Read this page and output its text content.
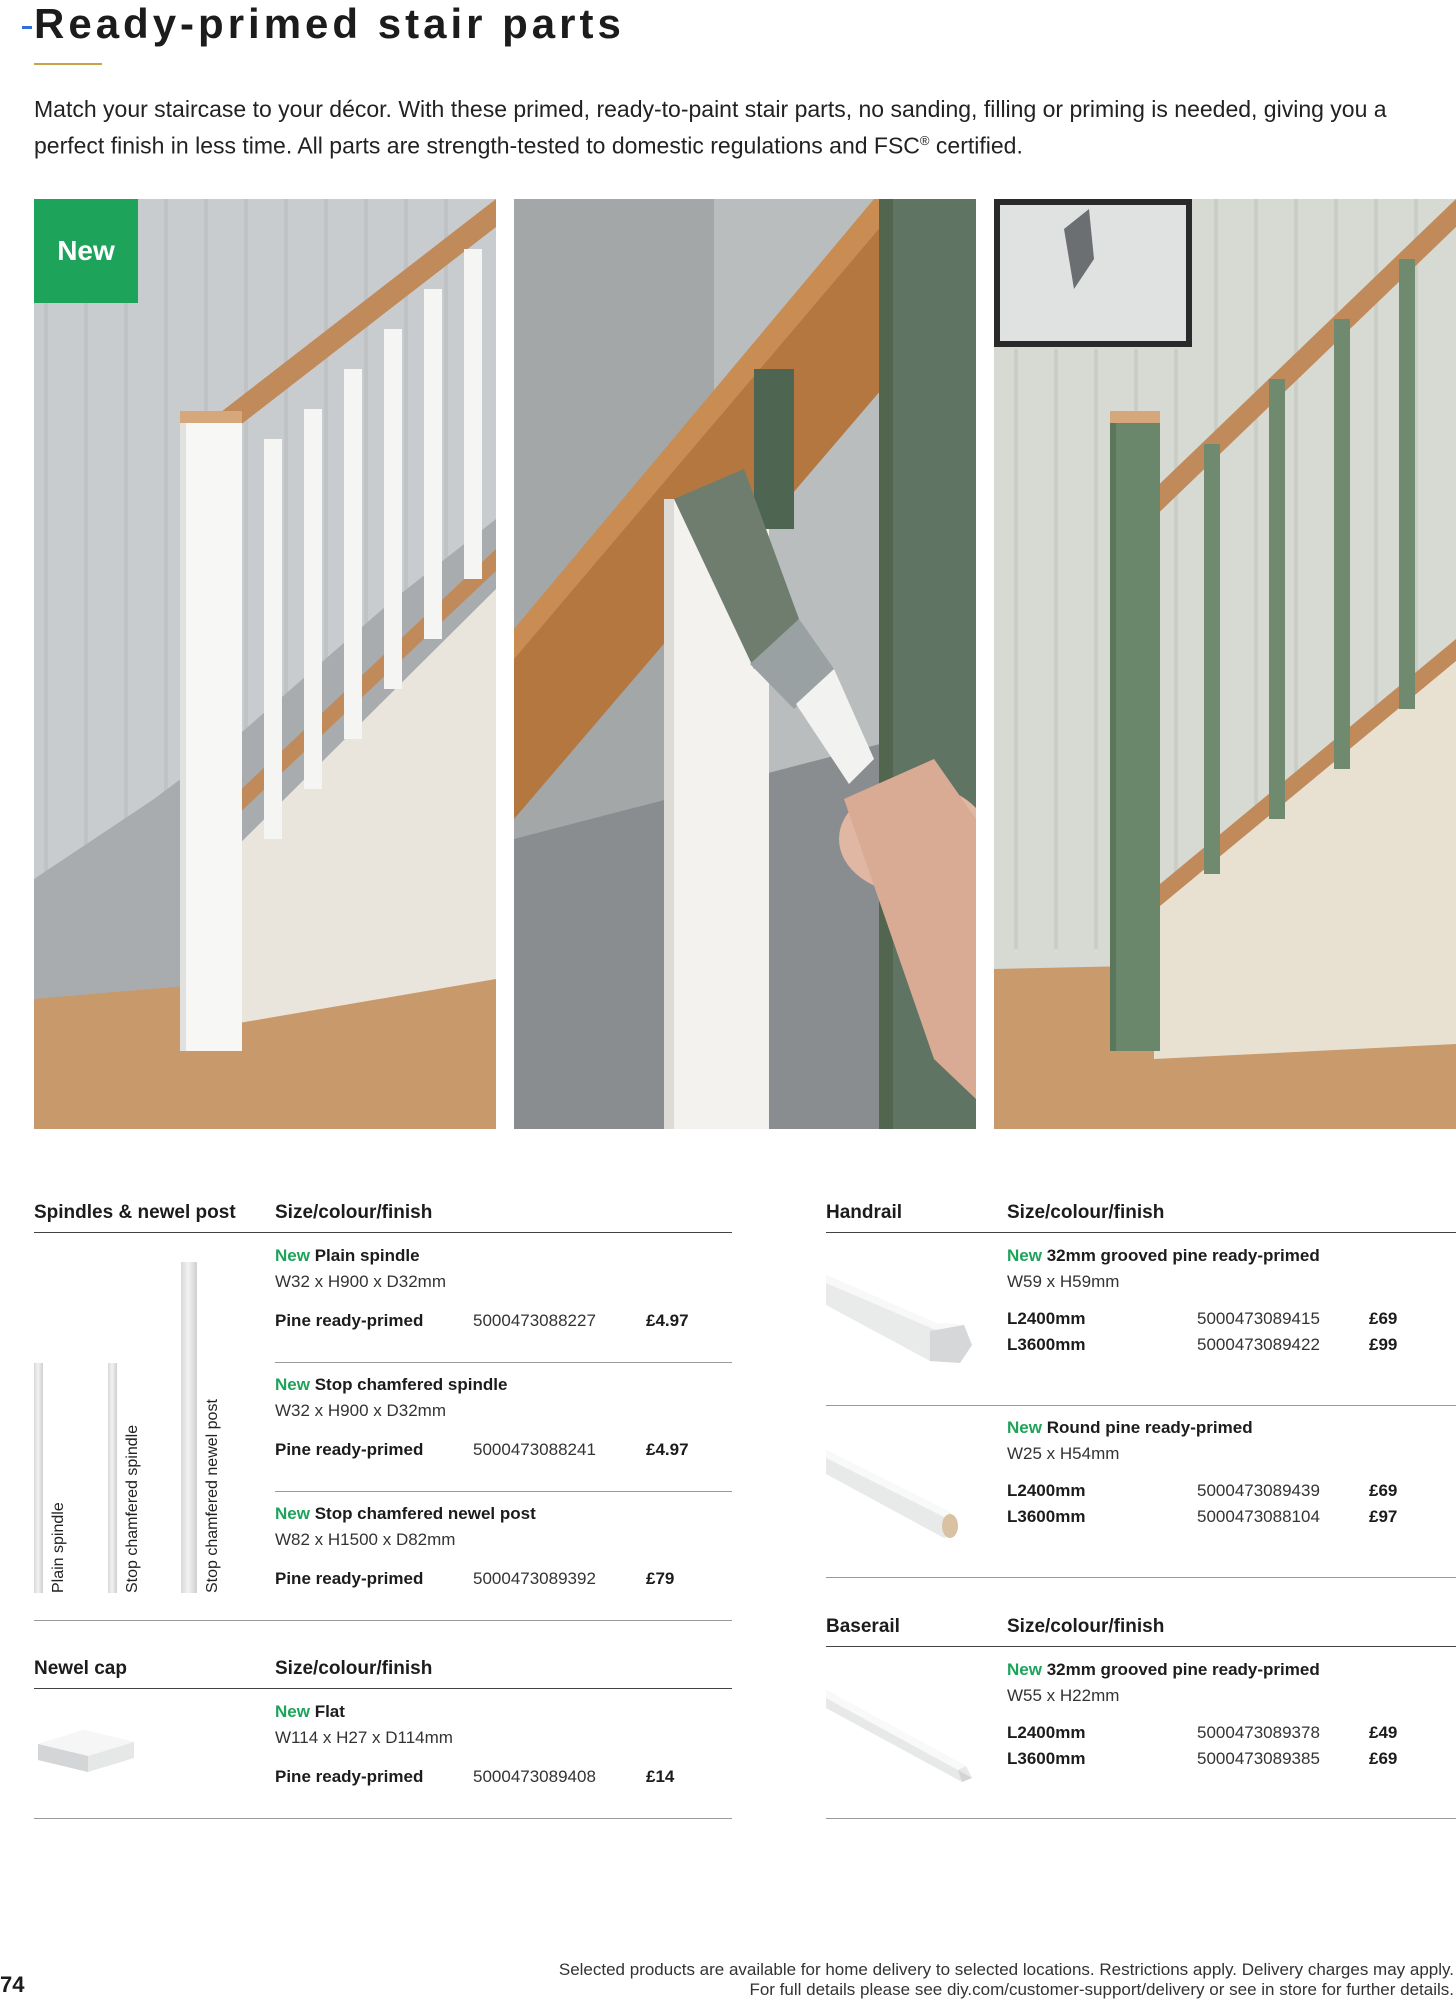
Ready-primed stair parts

Match your staircase to your décor. With these primed, ready-to-paint stair parts, no sanding, filling or priming is needed, giving you a perfect finish in less time. All parts are strength-tested to domestic regulations and FSC® certified.

New
Spindles & newel post Size/colour/finish
Plain spindle	Stop chamfered spindle	Stop chamfered newel post
New Plain spindle
W32 x H900 x D32mm
Pine ready-primed	5000473088227	£4.97
New Stop chamfered spindle
W32 x H900 x D32mm
Pine ready-primed	5000473088241	£4.97
New Stop chamfered newel post
W82 x H1500 x D82mm
Pine ready-primed	5000473089392	£79
Newel cap	Size/colour/finish
New Flat
W114 x H27 x D114mm
Pine ready-primed	5000473089408	£14
Handrail	Size/colour/finish
New 32mm grooved pine ready-primed
W59 x H59mm
L2400mm	5000473089415	£69
L3600mm	5000473089422	£99
New Round pine ready-primed
W25 x H54mm
L2400mm	5000473089439	£69
L3600mm	5000473088104	£97
Baserail	Size/colour/finish
New 32mm grooved pine ready-primed
W55 x H22mm
L2400mm	5000473089378	£49
L3600mm	5000473089385	£69
74
Selected products are available for home delivery to selected locations. Restrictions apply. Delivery charges may apply.
For full details please see diy.com/customer-support/delivery or see in store for further details.
